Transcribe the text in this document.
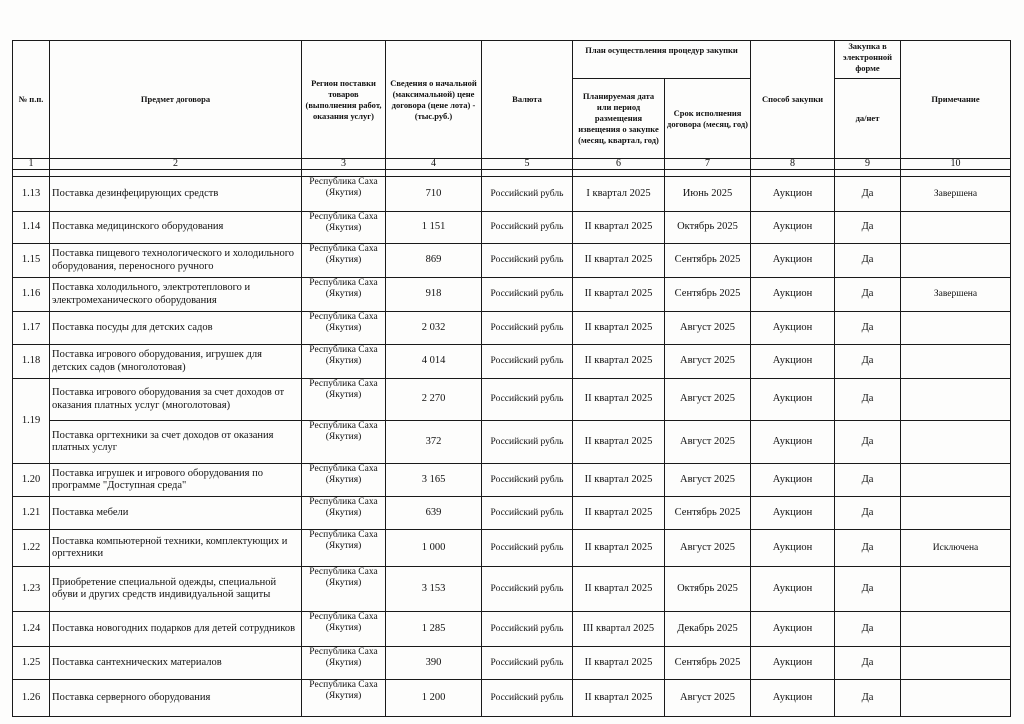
№ п.п.	Предмет договора	Регион поставки товаров (выполнения работ, оказания услуг)	Сведения о начальной (максимальной) цене договора (цене лота) - (тыс.руб.)	Валюта	План осуществления процедур закупки		Способ закупки	Закупка в электронной форме	Примечание
					Планируемая дата или период размещения извещения о закупке (месяц, квартал, год)	Срок исполнения договора (месяц, год)		да/нет	
1	2	3	4	5	6	7	8	9	10

1.13	Поставка дезинфецирующих средств	Республика Саха (Якутия)	710	Российский рубль	I квартал 2025	Июнь 2025	Аукцион	Да	Завершена
1.14	Поставка медицинского оборудования	Республика Саха (Якутия)	1 151	Российский рубль	II квартал 2025	Октябрь 2025	Аукцион	Да	
1.15	Поставка пищевого технологического и холодильного оборудования, переносного ручного	Республика Саха (Якутия)	869	Российский рубль	II квартал 2025	Сентябрь 2025	Аукцион	Да	
1.16	Поставка холодильного, электротеплового и электромеханического оборудования	Республика Саха (Якутия)	918	Российский рубль	II квартал 2025	Сентябрь 2025	Аукцион	Да	Завершена
1.17	Поставка посуды для детских садов	Республика Саха (Якутия)	2 032	Российский рубль	II квартал 2025	Август 2025	Аукцион	Да	
1.18	Поставка игрового оборудования, игрушек для детских садов (многолотовая)	Республика Саха (Якутия)	4 014	Российский рубль	II квартал 2025	Август 2025	Аукцион	Да	
1.19	Поставка игрового оборудования за счет доходов от оказания платных услуг (многолотовая)	Республика Саха (Якутия)	2 270	Российский рубль	II квартал 2025	Август 2025	Аукцион	Да	
	Поставка оргтехники за счет доходов от оказания платных услуг	Республика Саха (Якутия)	372	Российский рубль	II квартал 2025	Август 2025	Аукцион	Да	
1.20	Поставка игрушек и игрового оборудования по программе "Доступная среда"	Республика Саха (Якутия)	3 165	Российский рубль	II квартал 2025	Август 2025	Аукцион	Да	
1.21	Поставка мебели	Республика Саха (Якутия)	639	Российский рубль	II квартал 2025	Сентябрь 2025	Аукцион	Да	
1.22	Поставка компьютерной техники, комплектующих и оргтехники	Республика Саха (Якутия)	1 000	Российский рубль	II квартал 2025	Август 2025	Аукцион	Да	Исключена
1.23	Приобретение специальной одежды, специальной обуви и других средств индивидуальной защиты	Республика Саха (Якутия)	3 153	Российский рубль	II квартал 2025	Октябрь 2025	Аукцион	Да	
1.24	Поставка новогодних подарков для детей сотрудников	Республика Саха (Якутия)	1 285	Российский рубль	III квартал 2025	Декабрь 2025	Аукцион	Да	
1.25	Поставка сантехнических материалов	Республика Саха (Якутия)	390	Российский рубль	II квартал 2025	Сентябрь 2025	Аукцион	Да	
1.26	Поставка серверного оборудования	Республика Саха (Якутия)	1 200	Российский рубль	II квартал 2025	Август 2025	Аукцион	Да	
